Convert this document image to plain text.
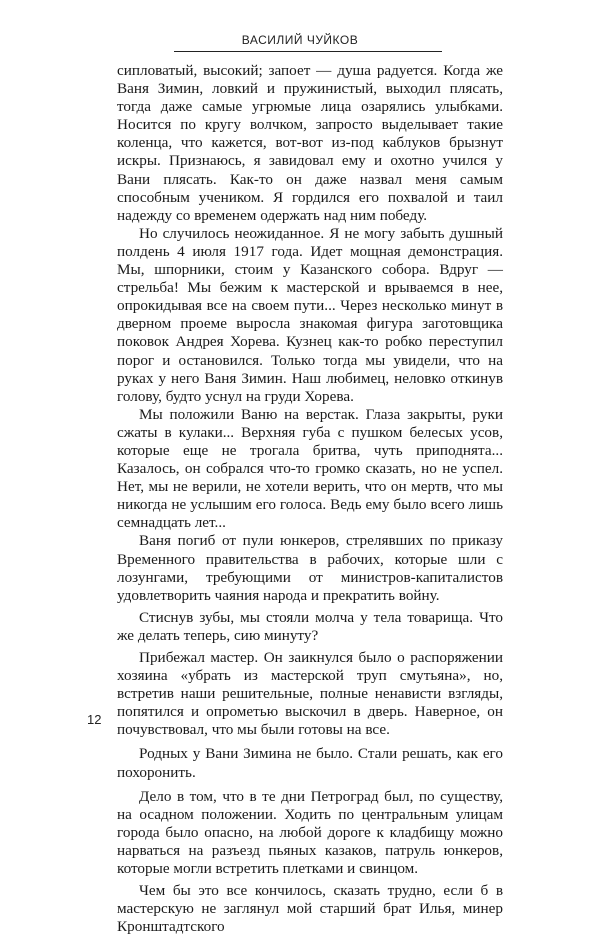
ВАСИЛИЙ ЧУЙКОВ

сипловатый, высокий; запоет — душа радуется. Когда же Ваня Зимин, ловкий и пружинистый, выходил плясать, тогда даже самые угрюмые лица озарялись улыбками. Носится по кругу волчком, запросто выделывает такие коленца, что кажется, вот-вот из-под каблуков брызнут искры. Признаюсь, я завидовал ему и охотно учился у Вани плясать. Как-то он даже назвал меня самым способным учеником. Я гордился его похвалой и таил надежду со временем одержать над ним победу.

Но случилось неожиданное. Я не могу забыть душный полдень 4 июля 1917 года. Идет мощная демонстрация. Мы, шпорники, стоим у Казанского собора. Вдруг — стрельба! Мы бежим к мастерской и врываемся в нее, опрокидывая все на своем пути... Через несколько минут в дверном проеме выросла знакомая фигура заготовщика поковок Андрея Хорева. Кузнец как-то робко переступил порог и остановился. Только тогда мы увидели, что на руках у него Ваня Зимин. Наш любимец, неловко откинув голову, будто уснул на груди Хорева.

Мы положили Ваню на верстак. Глаза закрыты, руки сжаты в кулаки... Верхняя губа с пушком белесых усов, которые еще не трогала бритва, чуть приподнята... Казалось, он собрался что-то громко сказать, но не успел. Нет, мы не верили, не хотели верить, что он мертв, что мы никогда не услышим его голоса. Ведь ему было всего лишь семнадцать лет...

Ваня погиб от пули юнкеров, стрелявших по приказу Временного правительства в рабочих, которые шли с лозунгами, требующими от министров-капиталистов удовлетворить чаяния народа и прекратить войну.

Стиснув зубы, мы стояли молча у тела товарища. Что же делать теперь, сию минуту?

Прибежал мастер. Он заикнулся было о распоряжении хозяина «убрать из мастерской труп смутьяна», но, встретив наши решительные, полные ненависти взгляды, попятился и опрометью выскочил в дверь. Наверное, он почувствовал, что мы были готовы на все.

Родных у Вани Зимина не было. Стали решать, как его похоронить.

Дело в том, что в те дни Петроград был, по существу, на осадном положении. Ходить по центральным улицам города было опасно, на любой дороге к кладбищу можно нарваться на разъезд пьяных казаков, патруль юнкеров, которые могли встретить плетками и свинцом.

Чем бы это все кончилось, сказать трудно, если б в мастерскую не заглянул мой старший брат Илья, минер Кронштадтского

12
